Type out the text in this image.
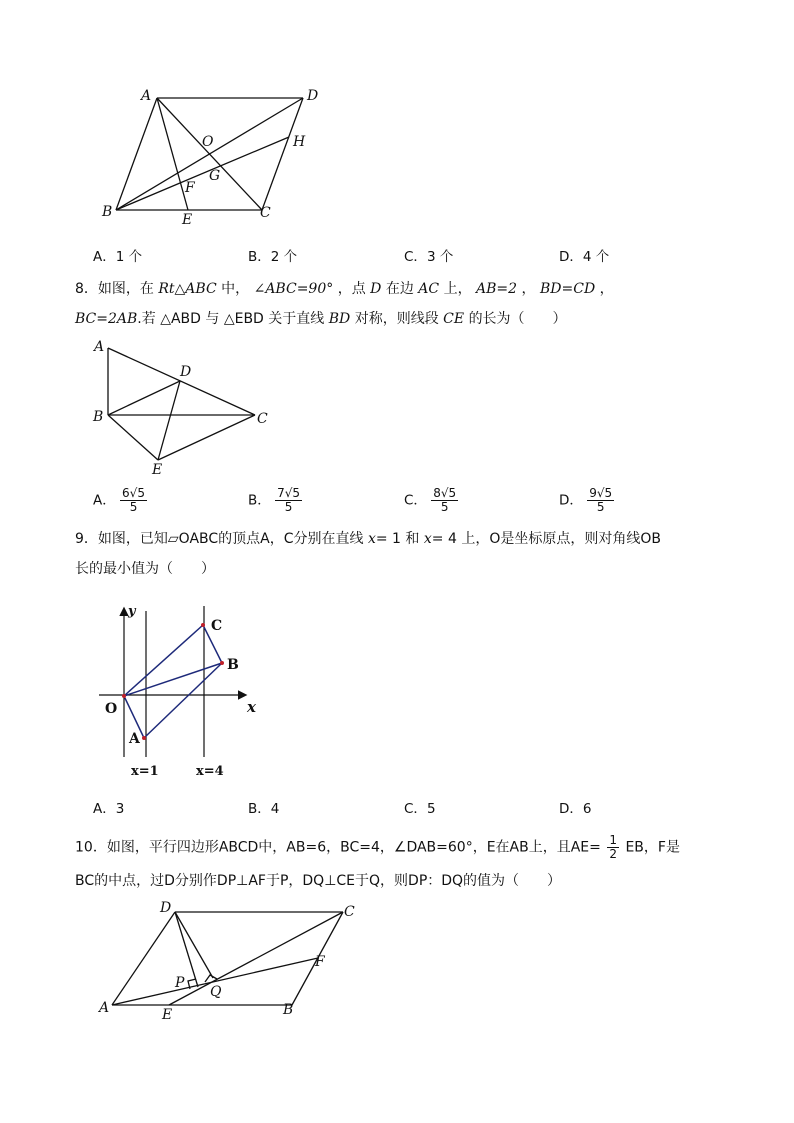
A	D
B	C
E
F
G
H
O
A．1 个	B．2 个	C．3 个	D．4 个
8．如图，在 Rt△ABC 中， ∠ABC=90° ，点 D 在边 AC 上， AB=2 ， BD=CD ，
BC=2AB.若 △ABD 与 △EBD 关于直线 BD 对称，则线段 CE 的长为（　　）
A
B	C
D
E
A． $\frac{6√5}{5}$	B． $\frac{7√5}{5}$	C． $\frac{8√5}{5}$	D． $\frac{9√5}{5}$
9．如图，已知▱OABC的顶点A，C分别在直线 x= 1 和 x= 4 上，O是坐标原点，则对角线OB
长的最小值为（　　）
y
x
O
A
B
C
x=1	x=4
A．3	B．4	C．5	D．6
10．如图，平行四边形ABCD中，AB=6，BC=4，∠DAB=60°，E在AB上，且$AE= \frac{1}{2}$ EB，F是
BC的中点，过D分别作DP⊥AF于P，DQ⊥CE于Q，则DP：DQ的值为（　　）
A	B
C
D
E
F
P
Q
